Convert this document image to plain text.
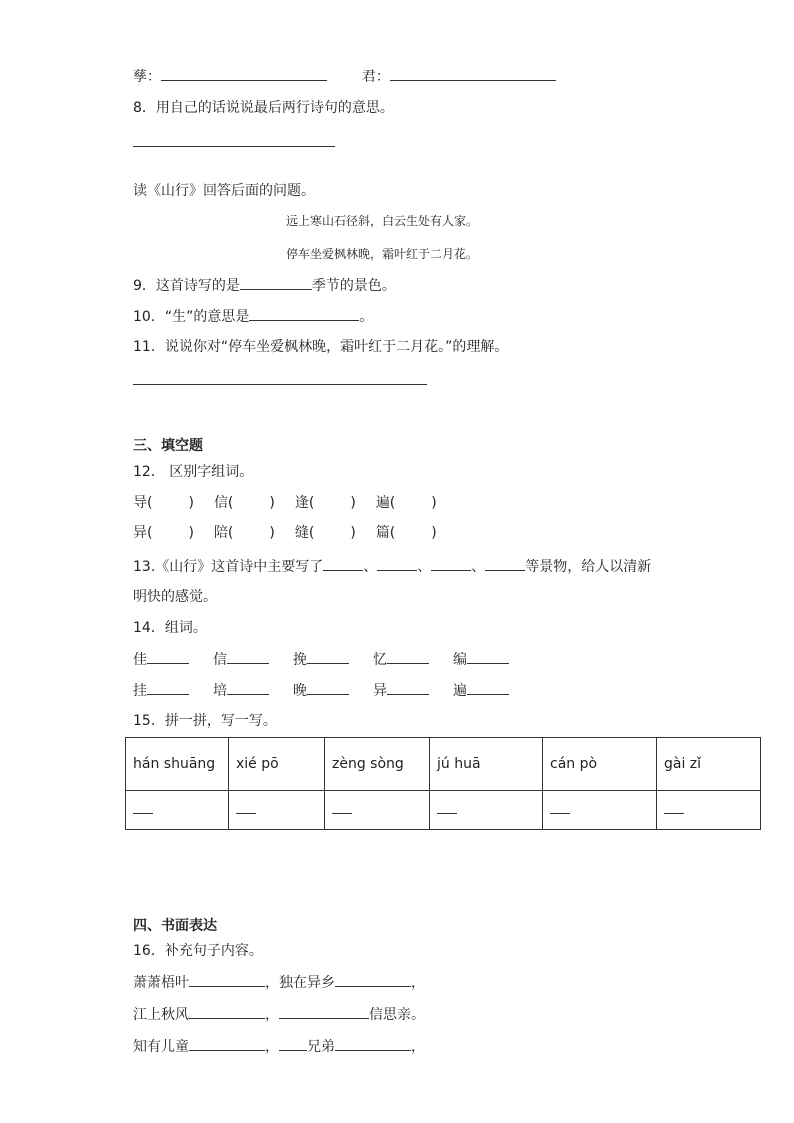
孳：	君：
8．用自己的话说说最后两行诗句的意思。
读《山行》回答后面的问题。
远上寒山石径斜，白云生处有人家。
停车坐爱枫林晚，霜叶红于二月花。
9．这首诗写的是	季节的景色。
10．“生”的意思是	。
11．说说你对“停车坐爱枫林晚，霜叶红于二月花。”的理解。
三、填空题
12． 区别字组词。
导(	) 信(	) 逢(	) 遍(	)
异(	) 陪(	) 缝(	) 篇(	)
13.《山行》这首诗中主要写了	、	、	、	等景物，给人以清新
明快的感觉。
14．组词。
佳	信	挽	忆	编
挂	培	晚	异	遍
15．拼一拼，写一写。
hán shuāng	xié pō	zèng sòng	jú huā	cán pò	gài zǐ

四、书面表达
16．补充句子内容。
萧萧梧叶	，独在异乡	，
江上秋风	，	信思亲。
知有儿童	， 兄弟	，
